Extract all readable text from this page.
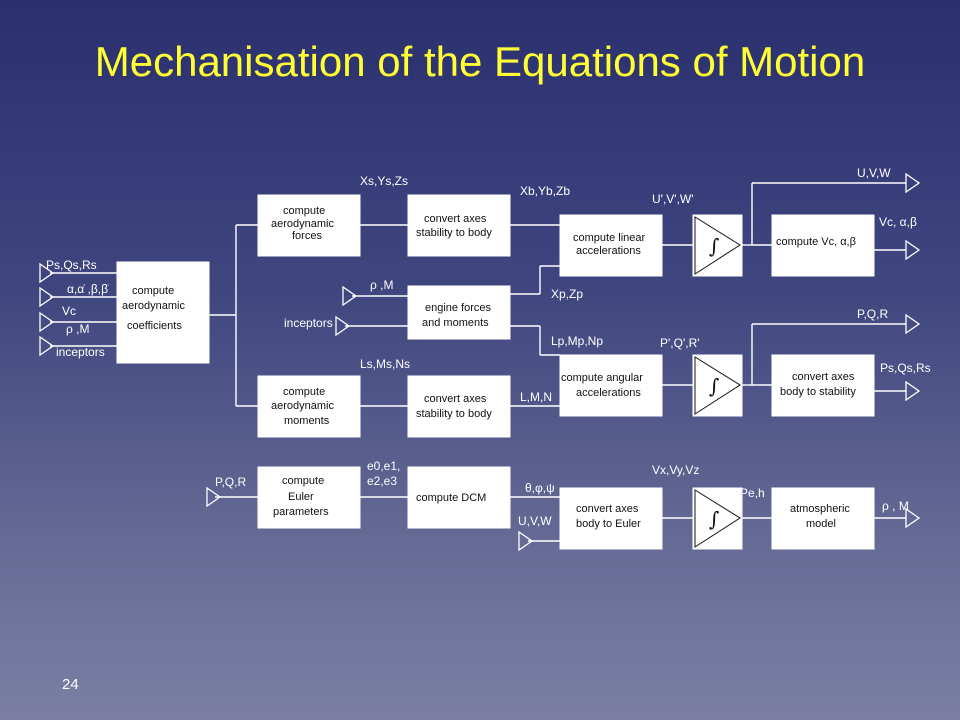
Mechanisation of the Equations of Motion
compute
aerodynamic
coefficients
compute
aerodynamic
forces
compute
aerodynamic
moments
convert axes
stability to body
engine forces
and moments
convert axes
stability to body
compute linear
accelerations
compute angular
accelerations
compute Vc, α,β
convert axes
body to stability
compute
Euler
parameters
compute DCM
convert axes
body to Euler
atmospheric
model
∫
∫
∫
Ps,Qs,Rs
α,α̇ ,β,β̇
Vc
ρ ,M
inceptors
Xs,Ys,Zs
ρ ,M
inceptors
Ls,Ms,Ns
Xb,Yb,Zb
Xp,Zp
Lp,Mp,Np
L,M,N
U',V',W'
P',Q',R'
U,V,W
Vc, α,β
P,Q,R
Ps,Qs,Rs
P,Q,R
e0,e1,
e2,e3	θ,φ,ψ
U,V,W
Vx,Vy,Vz
Pn,Pe,h
ρ , M
24
